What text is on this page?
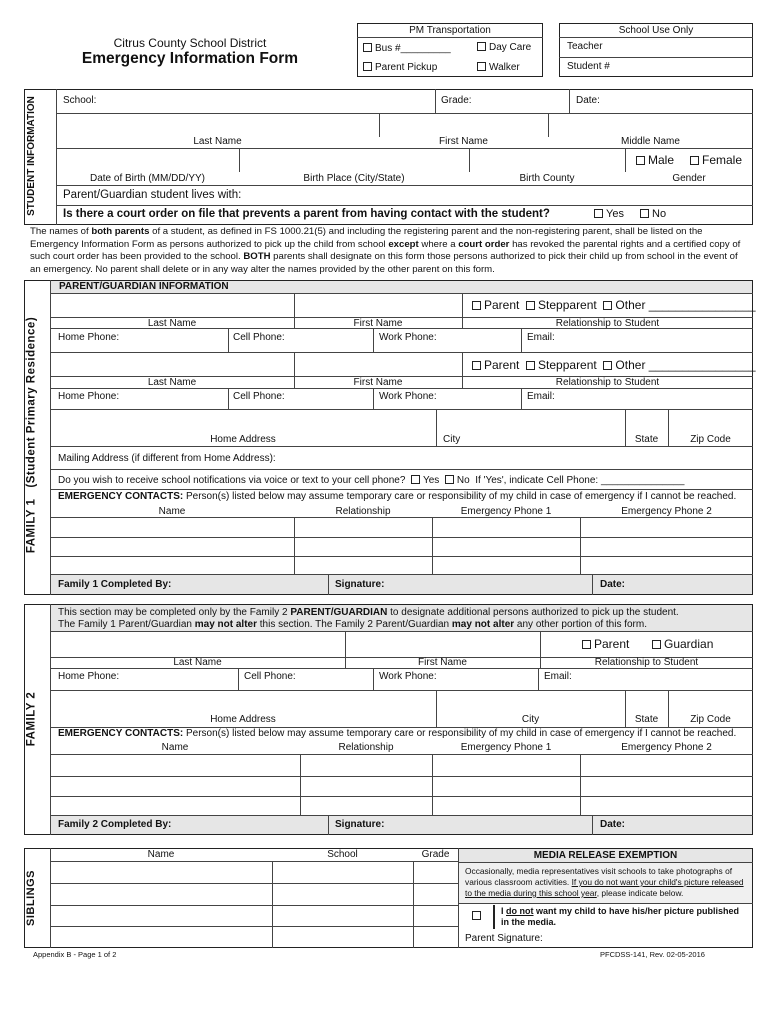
Citrus County School District
Emergency Information Form
PM Transportation
Bus #_________	Day Care
Parent Pickup	Walker
School Use Only
Teacher
Student #
STUDENT INFORMATION	School:	Grade:	Date:
Last Name	First Name	Middle Name
Male	Female
Date of Birth (MM/DD/YY)	Birth Place (City/State)	Birth County	Gender
Parent/Guardian student lives with:
Is there a court order on file that prevents a parent from having contact with the student?	Yes	No
The names of both parents of a student, as defined in FS 1000.21(5) and including the registering parent and the non-registering parent, shall be listed on the Emergency Information Form as persons authorized to pick up the child from school except where a court order has revoked the parental rights and a certified copy of such court order has been provided to the school. BOTH parents shall designate on this form those persons authorized to pick their child up from school in the event of an emergency. No parent shall delete or in any way alter the names provided by the other parent on this form.
FAMILY 1   (Student Primary Residence)
PARENT/GUARDIAN INFORMATION
Parent Stepparent Other ________________
Last Name	First Name	Relationship to Student
Home Phone:	Cell Phone:	Work Phone:	Email:
Parent Stepparent Other ________________
Last Name	First Name	Relationship to Student
Home Phone:	Cell Phone:	Work Phone:	Email:
Home Address	City	State	Zip Code
Mailing Address (if different from Home Address):
Do you wish to receive school notifications via voice or text to your cell phone? Yes No If 'Yes', indicate Cell Phone: _______________
EMERGENCY CONTACTS: Person(s) listed below may assume temporary care or responsibility of my child in case of emergency if I cannot be reached.
Name	Relationship	Emergency Phone 1	Emergency Phone 2
Family 1 Completed By:	Signature:	Date:
FAMILY 2
This section may be completed only by the Family 2 PARENT/GUARDIAN to designate additional persons authorized to pick up the student.
The Family 1 Parent/Guardian may not alter this section. The Family 2 Parent/Guardian may not alter any other portion of this form.
Parent	Guardian
Last Name	First Name	Relationship to Student
Home Phone:	Cell Phone:	Work Phone:	Email:
Home Address	City	State	Zip Code
EMERGENCY CONTACTS: Person(s) listed below may assume temporary care or responsibility of my child in case of emergency if I cannot be reached.
Name	Relationship	Emergency Phone 1	Emergency Phone 2
Family 2 Completed By:	Signature:	Date:
SIBLINGS
Name	School	Grade	MEDIA RELEASE EXEMPTION
Occasionally, media representatives visit schools to take photographs of various classroom activities. If you do not want your child's picture released to the media during this school year, please indicate below.
I do not want my child to have his/her picture published in the media.
Parent Signature:
Appendix B - Page 1 of 2	PFCDSS-141, Rev. 02-05-2016
